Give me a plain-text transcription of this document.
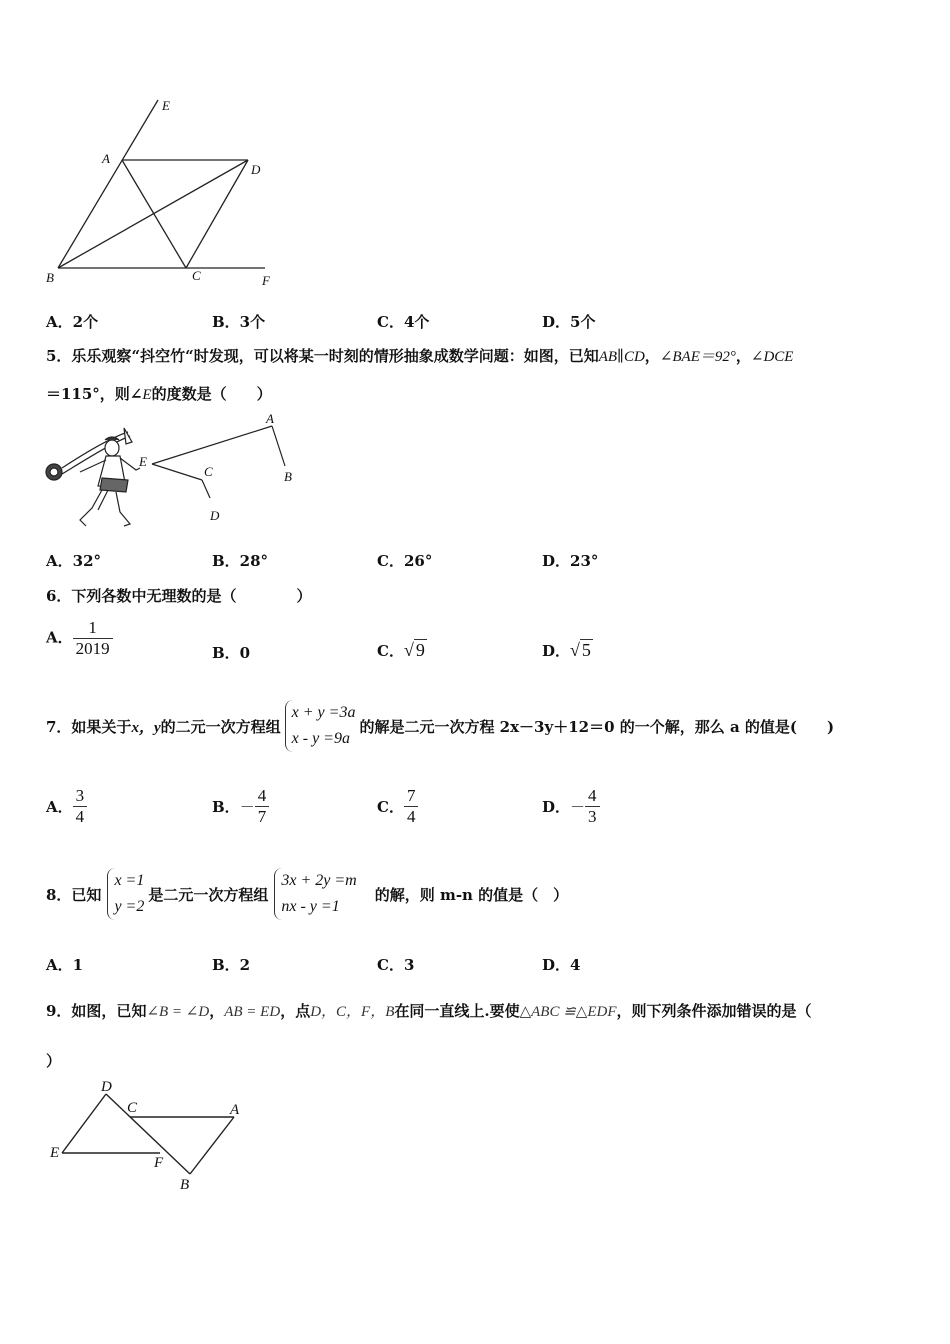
E
A
D
B	C	F
A．2个	B．3个	C．4个	D．5个
5．乐乐观察“抖空竹“时发现，可以将某一时刻的情形抽象成数学问题：如图，已知AB∥CD，∠BAE＝92°，∠DCE
＝115°，则∠E的度数是（　　）
A
E
C	B
D
A．32°	B．28°	C．26°	D．23°
6．下列各数中无理数的是（　　　　）
A． $\frac{1}{2019}$	B．0	C．√ 9	D．√ 5
7．如果关于 x，y 的二元一次方程组
x + y =3a
x - y =9a
的解是二元一次方程 2x－3y＋12＝0 的一个解，那么 a 的值是(　　)
A． $\frac{3}{4}$	B． － $\frac{4}{7}$	C． $\frac{7}{4}$	D． － $\frac{4}{3}$
8．已知
x =1
y =2
是二元一次方程组
3x + 2y =m
nx - y =1
的解，则 m-n 的值是（　）
A．1	B．2	C．3	D．4
9．如图，已知∠B = ∠D，AB = ED，点D，C，F，B在同一直线上.要使△ABC ≌△EDF，则下列条件添加错误的是（
）
D
C	A
E
F
B
